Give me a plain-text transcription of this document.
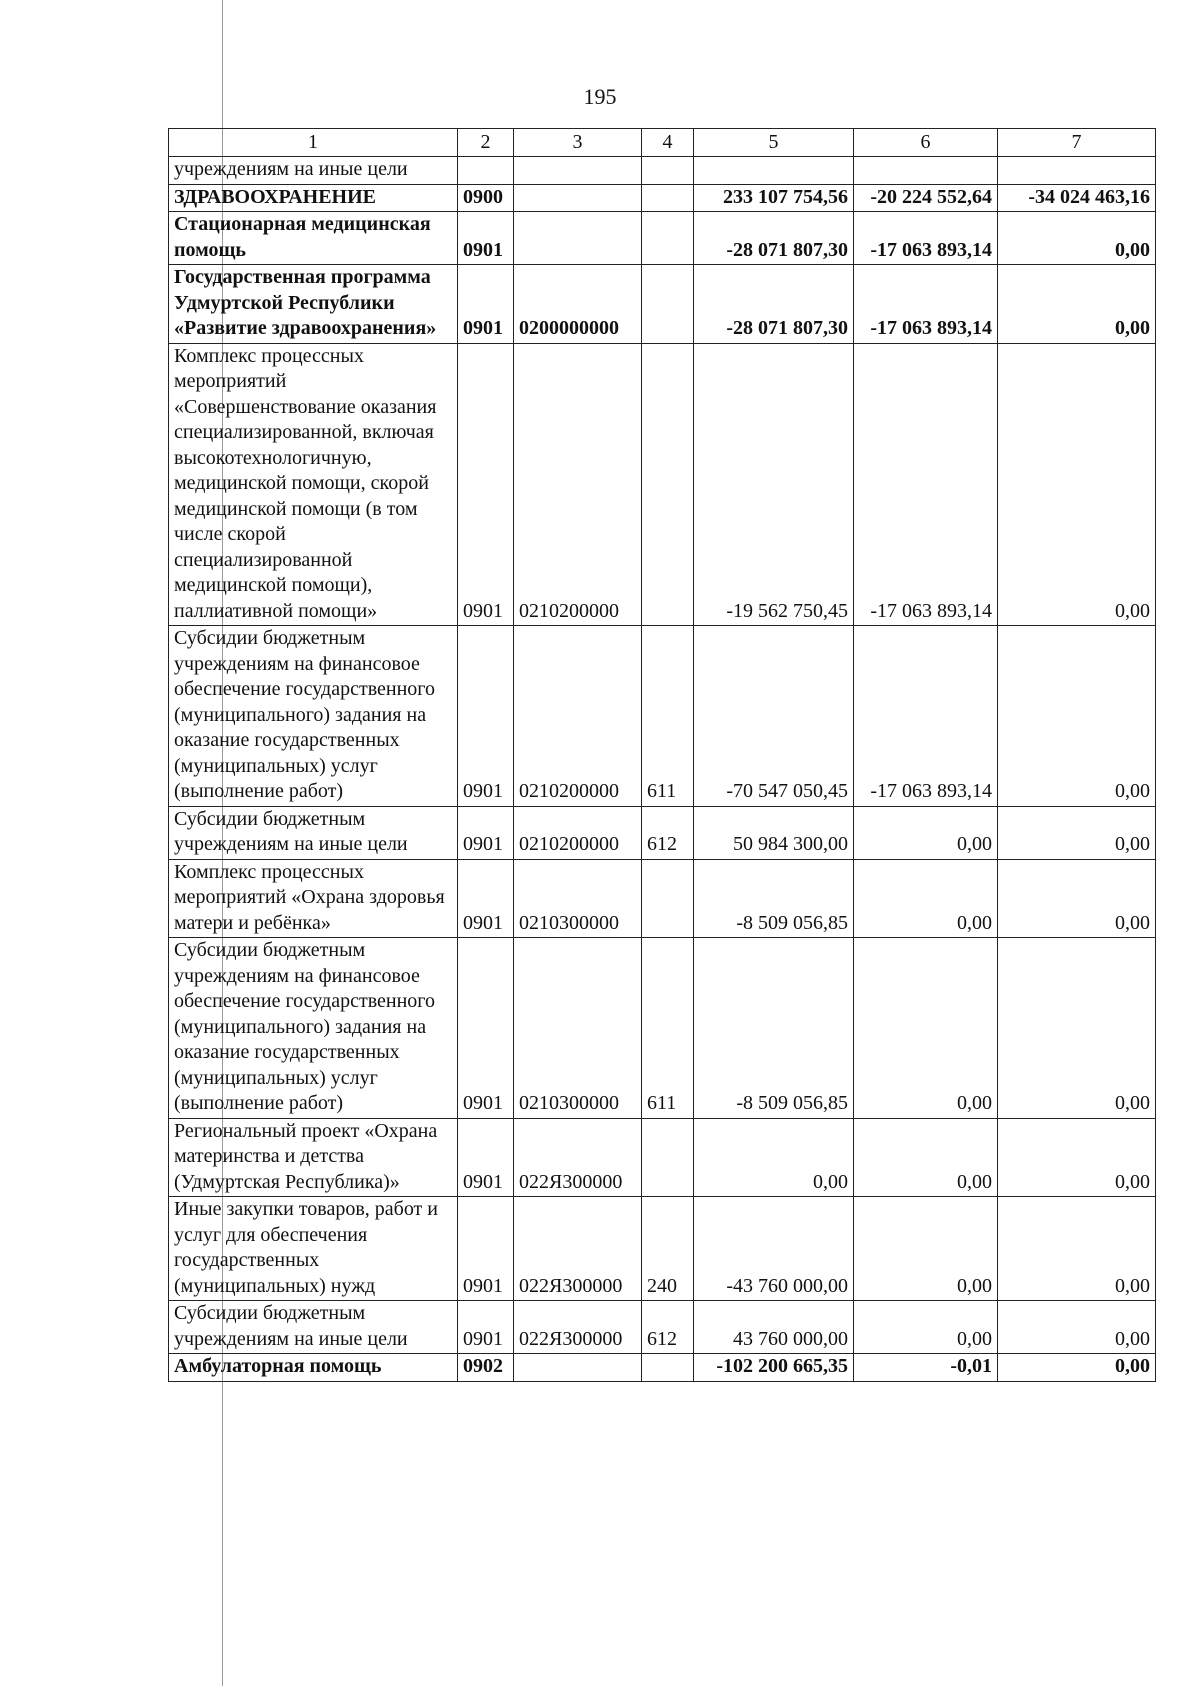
195
1	2	3	4	5	6	7
учреждениям на иные цели						
ЗДРАВООХРАНЕНИЕ	0900			233 107 754,56	-20 224 552,64	-34 024 463,16
Стационарная медицинская помощь	0901			-28 071 807,30	-17 063 893,14	0,00
Государственная программа Удмуртской Республики «Развитие здравоохранения»	0901	0200000000		-28 071 807,30	-17 063 893,14	0,00
Комплекс процессных мероприятий «Совершенствование оказания специализированной, включая высокотехнологичную, медицинской помощи, скорой медицинской помощи (в том числе скорой специализированной медицинской помощи), паллиативной помощи»	0901	0210200000		-19 562 750,45	-17 063 893,14	0,00
Субсидии бюджетным учреждениям на финансовое обеспечение государственного (муниципального) задания на оказание государственных (муниципальных) услуг (выполнение работ)	0901	0210200000	611	-70 547 050,45	-17 063 893,14	0,00
Субсидии бюджетным учреждениям на иные цели	0901	0210200000	612	50 984 300,00	0,00	0,00
Комплекс процессных мероприятий «Охрана здоровья матери и ребёнка»	0901	0210300000		-8 509 056,85	0,00	0,00
Субсидии бюджетным учреждениям на финансовое обеспечение государственного (муниципального) задания на оказание государственных (муниципальных) услуг (выполнение работ)	0901	0210300000	611	-8 509 056,85	0,00	0,00
Региональный проект «Охрана материнства и детства (Удмуртская Республика)»	0901	022Я300000		0,00	0,00	0,00
Иные закупки товаров, работ и услуг для обеспечения государственных (муниципальных) нужд	0901	022Я300000	240	-43 760 000,00	0,00	0,00
Субсидии бюджетным учреждениям на иные цели	0901	022Я300000	612	43 760 000,00	0,00	0,00
Амбулаторная помощь	0902			-102 200 665,35	-0,01	0,00
